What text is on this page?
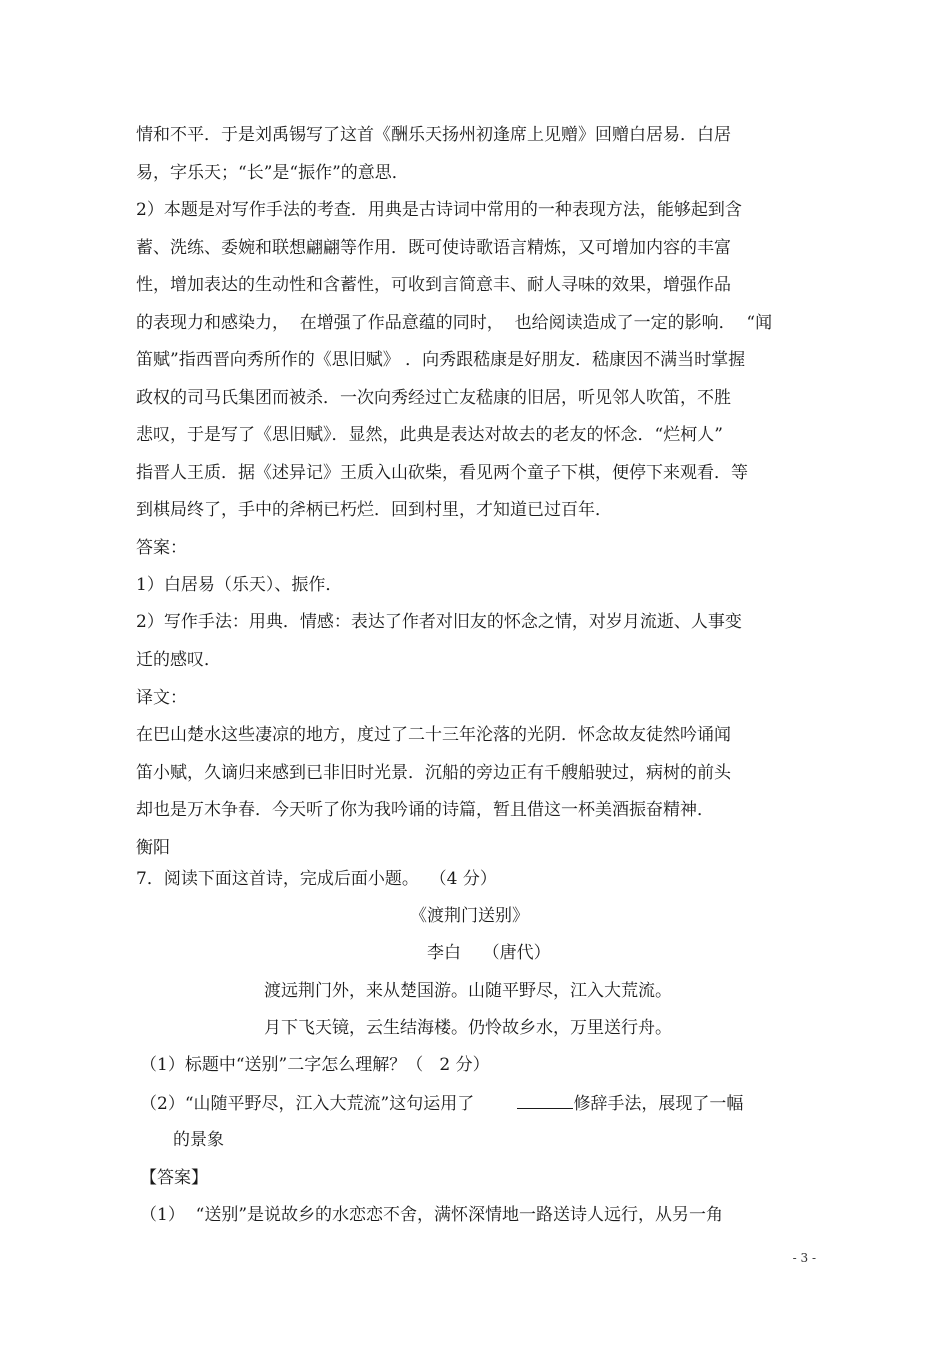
情和不平．于是刘禹锡写了这首《酬乐天扬州初逢席上见赠》回赠白居易．白居
易，字乐天；“长”是“振作”的意思．
2）本题是对写作手法的考查．用典是古诗词中常用的一种表现方法，能够起到含
蓄、洗练、委婉和联想翩翩等作用．既可使诗歌语言精炼，又可增加内容的丰富
性，增加表达的生动性和含蓄性，可收到言简意丰、耐人寻味的效果，增强作品
的表现力和感染力，  在增强了作品意蕴的同时，  也给阅读造成了一定的影响．  “闻
笛赋”指西晋向秀所作的《思旧赋》 ．向秀跟嵇康是好朋友．嵇康因不满当时掌握
政权的司马氏集团而被杀．一次向秀经过亡友嵇康的旧居，听见邻人吹笛，不胜
悲叹，于是写了《思旧赋》．显然，此典是表达对故去的老友的怀念．“烂柯人”
指晋人王质．据《述异记》王质入山砍柴，看见两个童子下棋，便停下来观看．等
到棋局终了，手中的斧柄已朽烂．回到村里，才知道已过百年．
答案：
1）白居易（乐天）、振作．
2）写作手法：用典．情感：表达了作者对旧友的怀念之情，对岁月流逝、人事变
迁的感叹．
译文：
在巴山楚水这些凄凉的地方，度过了二十三年沦落的光阴．怀念故友徒然吟诵闻
笛小赋，久谪归来感到已非旧时光景．沉船的旁边正有千艘船驶过，病树的前头
却也是万木争春．今天听了你为我吟诵的诗篇，暂且借这一杯美酒振奋精神．
衡阳
7．阅读下面这首诗，完成后面小题。  （4 分）
《渡荆门送别》
李白    （唐代）
渡远荆门外，来从楚国游。山随平野尽，江入大荒流。
月下飞天镜，云生结海楼。仍怜故乡水，万里送行舟。
（1）标题中“送别”二字怎么理解？（   2 分）
（2）“山随平野尽，江入大荒流”这句运用了	修辞手法，展现了一幅
的景象
【答案】
（1）  “送别”是说故乡的水恋恋不舍，满怀深情地一路送诗人远行，从另一角
- 3 -
